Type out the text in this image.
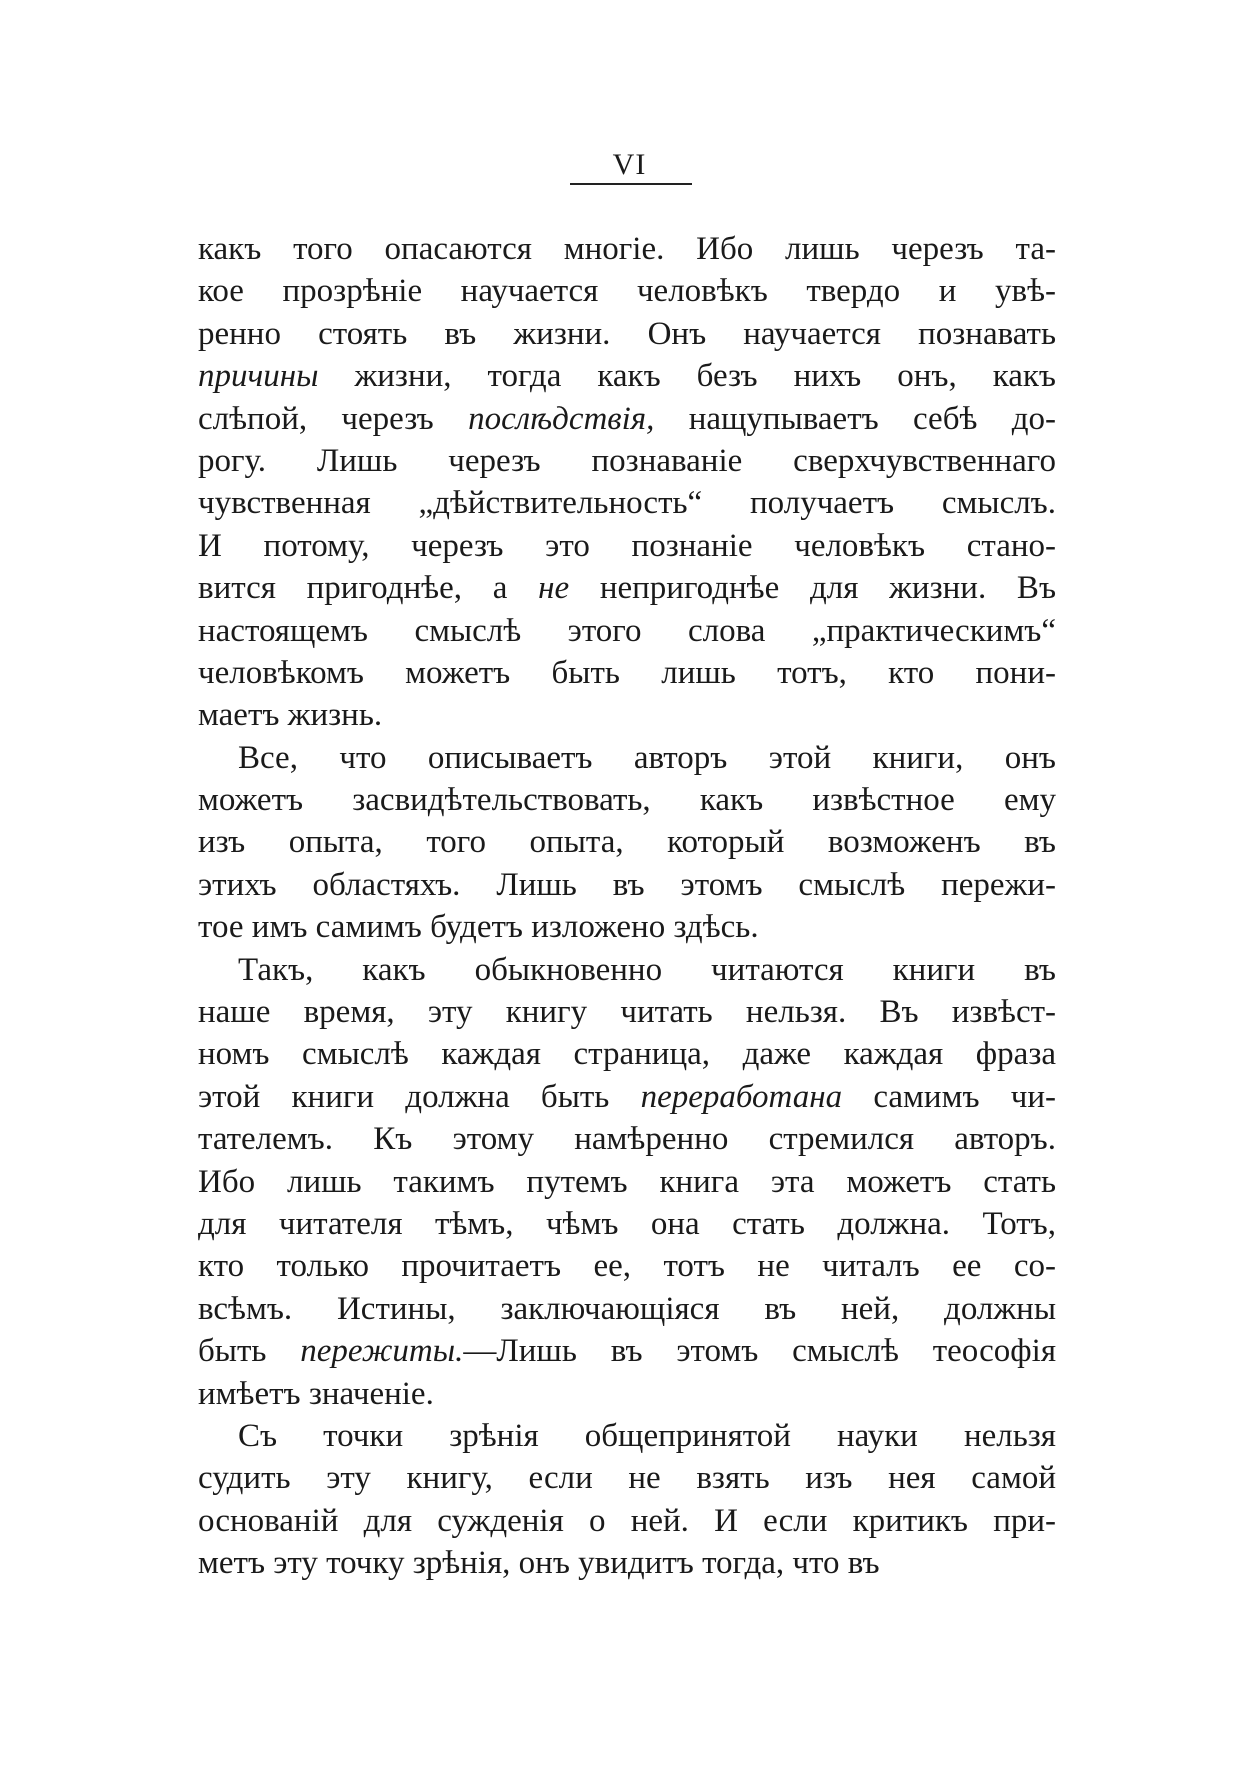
VI
какъ того опасаются многіе. Ибо лишь черезъ та-
кое прозрѣніе научается человѣкъ твердо и увѣ-
ренно стоять въ жизни. Онъ научается познавать
причины жизни, тогда какъ безъ нихъ онъ, какъ
слѣпой, черезъ послѣдствія, нащупываетъ себѣ до-
рогу. Лишь черезъ познаваніе сверхчувственнаго
чувственная „дѣйствительность“ получаетъ смыслъ.
И потому, черезъ это познаніе человѣкъ стано-
вится пригоднѣе, а не непригоднѣе для жизни. Въ
настоящемъ смыслѣ этого слова „практическимъ“
человѣкомъ можетъ быть лишь тотъ, кто пони-
маетъ жизнь.
Все, что описываетъ авторъ этой книги, онъ
можетъ засвидѣтельствовать, какъ извѣстное ему
изъ опыта, того опыта, который возможенъ въ
этихъ областяхъ. Лишь въ этомъ смыслѣ пережи-
тое имъ самимъ будетъ изложено здѣсь.
Такъ, какъ обыкновенно читаются книги въ
наше время, эту книгу читать нельзя. Въ извѣст-
номъ смыслѣ каждая страница, даже каждая фраза
этой книги должна быть переработана самимъ чи-
тателемъ. Къ этому намѣренно стремился авторъ.
Ибо лишь такимъ путемъ книга эта можетъ стать
для читателя тѣмъ, чѣмъ она стать должна. Тотъ,
кто только прочитаетъ ее, тотъ не читалъ ее со-
всѣмъ. Истины, заключающіяся въ ней, должны
быть пережиты.—Лишь въ этомъ смыслѣ теософія
имѣетъ значеніе.
Съ точки зрѣнія общепринятой науки нельзя
судить эту книгу, если не взять изъ нея самой
основаній для сужденія о ней. И если критикъ при-
метъ эту точку зрѣнія, онъ увидитъ тогда, что въ
